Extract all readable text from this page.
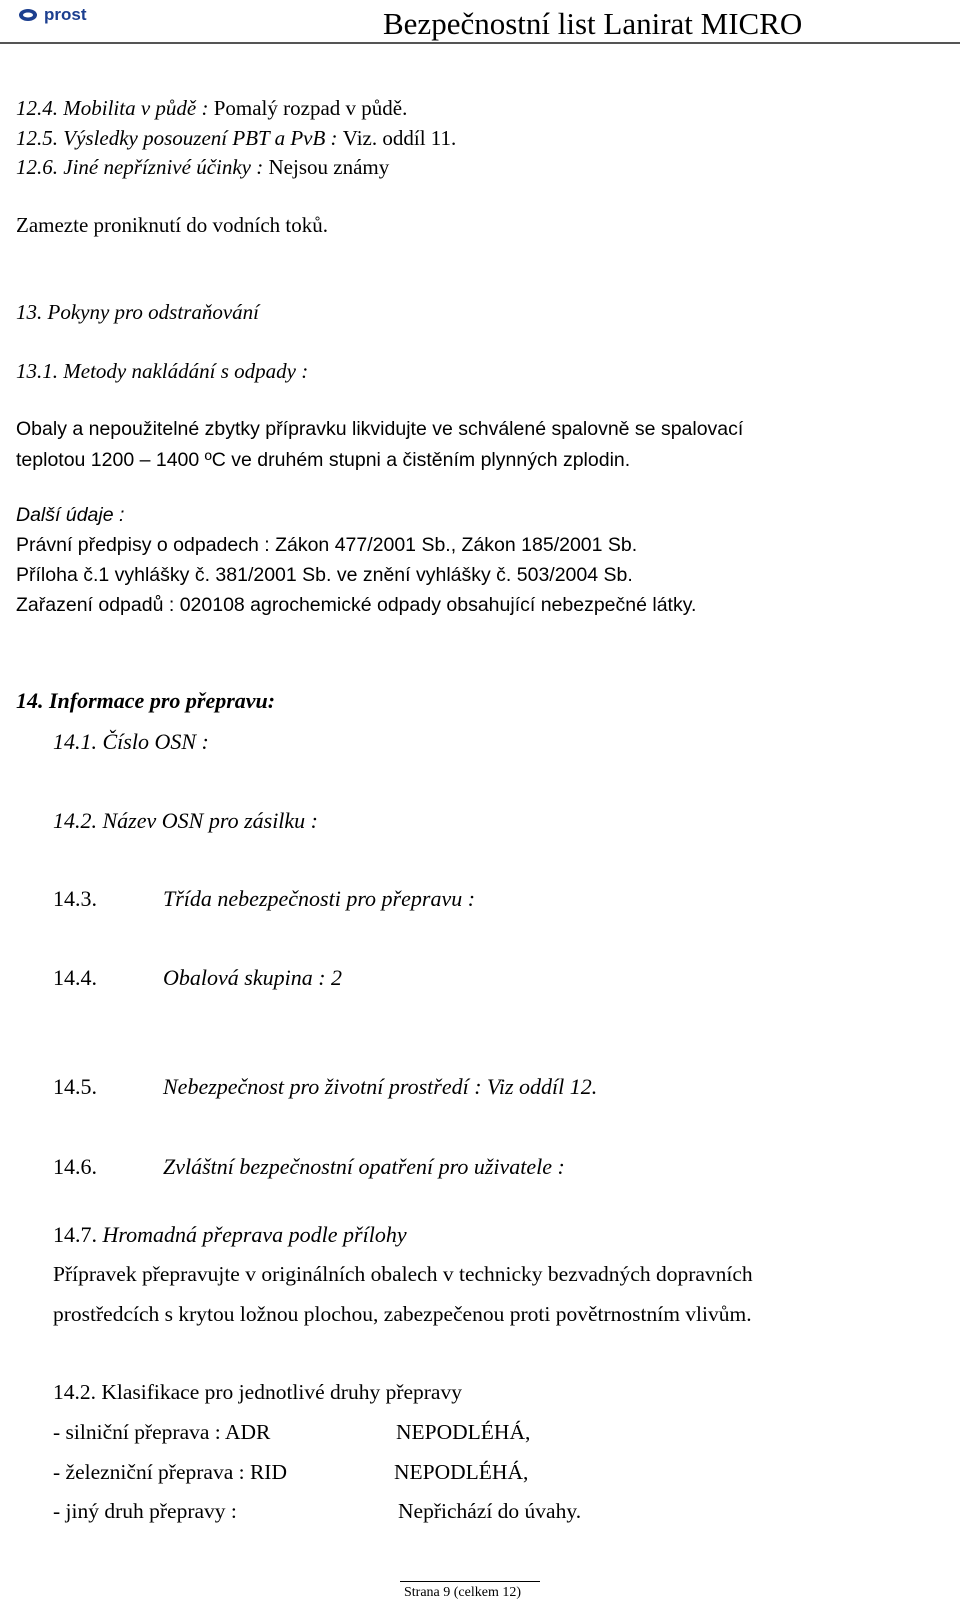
prost	Bezpečnostní list Lanirat MICRO
12.4. Mobilita v půdě : Pomalý rozpad v půdě.
12.5. Výsledky posouzení PBT a PvB : Viz. oddíl 11.
12.6. Jiné nepříznivé účinky : Nejsou známy
Zamezte proniknutí do vodních toků.
13. Pokyny pro odstraňování
13.1. Metody nakládání s odpady :
Obaly a nepoužitelné zbytky přípravku likvidujte ve schválené spalovně se spalovací
teplotou 1200 – 1400 ºC ve druhém stupni a čistěním plynných zplodin.
Další údaje :
Právní předpisy o odpadech : Zákon 477/2001 Sb., Zákon 185/2001 Sb.
Příloha č.1 vyhlášky č. 381/2001 Sb. ve znění vyhlášky č. 503/2004 Sb.
Zařazení odpadů : 020108 agrochemické odpady obsahující nebezpečné látky.
14. Informace pro přepravu:
14.1. Číslo OSN :
14.2. Název OSN pro zásilku :
14.3.	Třída nebezpečnosti pro přepravu :
14.4.	Obalová skupina : 2
14.5.	Nebezpečnost pro životní prostředí : Viz oddíl 12.
14.6.	Zvláštní bezpečnostní opatření pro uživatele :
14.7. Hromadná přeprava podle přílohy
Přípravek přepravujte v originálních obalech v technicky bezvadných dopravních
prostředcích s krytou ložnou plochou, zabezpečenou proti povětrnostním vlivům.
14.2. Klasifikace pro jednotlivé druhy přepravy
- silniční přeprava : ADR	NEPODLÉHÁ,
- železniční přeprava : RID	NEPODLÉHÁ,
- jiný druh přepravy :	Nepřichází do úvahy.
Strana 9 (celkem 12)
